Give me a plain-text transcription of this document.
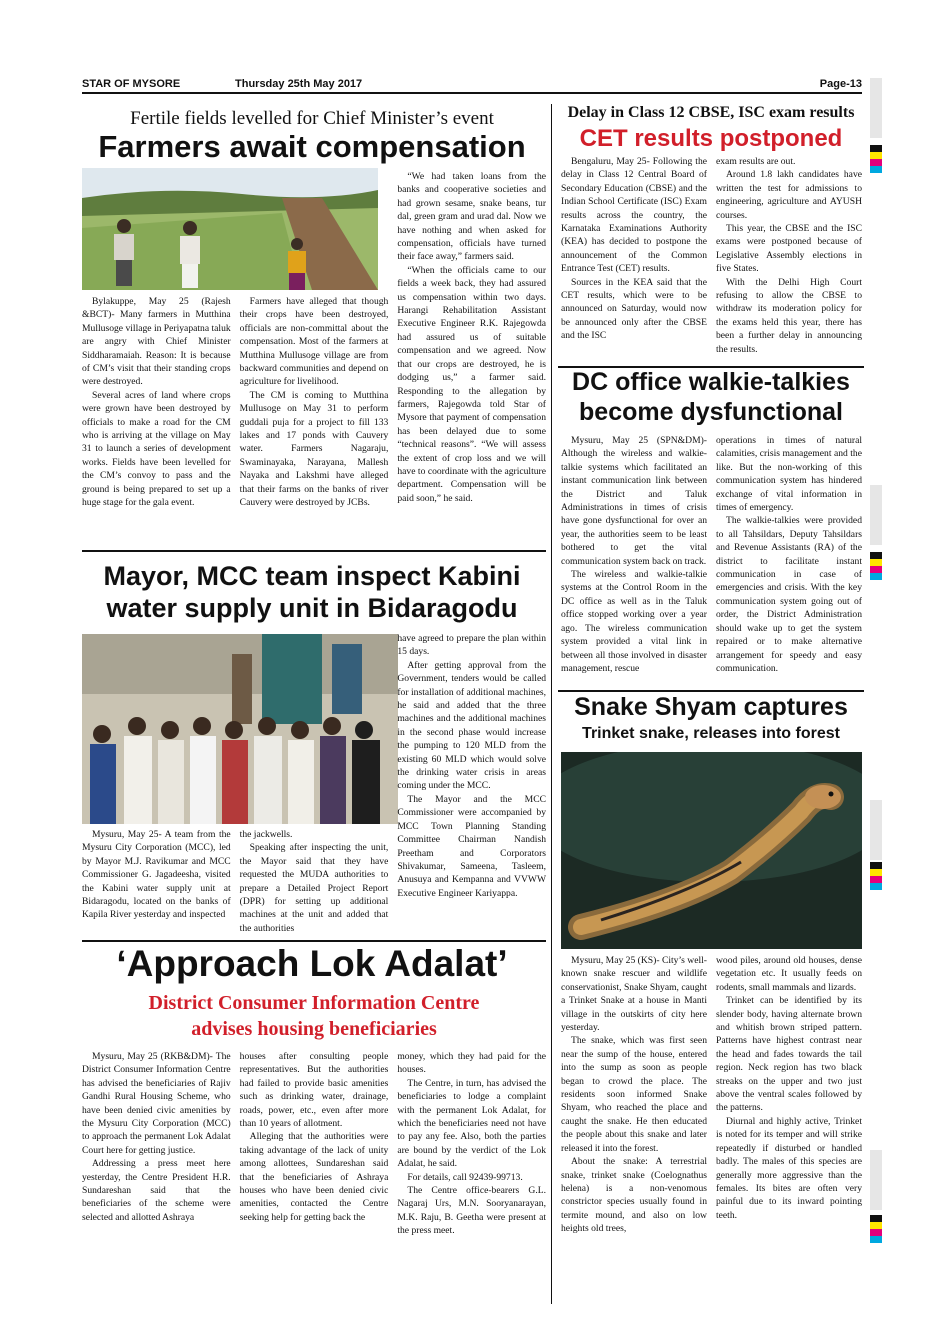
STAR OF MYSORE	Thursday 25th May 2017	Page-13
Fertile fields levelled for Chief Minister’s event
Farmers await compensation

Bylakuppe, May 25 (Rajesh &BCT)- Many farmers in Mutthina Mullusoge village in Periyapatna taluk are angry with Chief Minister Siddharamaiah. Reason: It is because of CM’s visit that their standing crops were destroyed.

Several acres of land where crops were grown have been destroyed by officials to make a road for the CM who is arriving at the village on May 31 to launch a series of development works. Fields have been levelled for the CM’s convoy to pass and the ground is being prepared to set up a huge stage for the gala event.

Farmers have alleged that though their crops have been destroyed, officials are non-committal about the compensation. Most of the farmers at Mutthina Mullusoge village are from backward communities and depend on agriculture for livelihood.

The CM is coming to Mutthina Mullusoge on May 31 to perform guddali puja for a project to fill 133 lakes and 17 ponds with Cauvery water. Farmers Nagaraju, Swaminayaka, Narayana, Mallesh Nayaka and Lakshmi have alleged that their farms on the banks of river Cauvery were destroyed by JCBs.

“We had taken loans from the banks and cooperative societies and had grown sesame, snake beans, tur dal, green gram and urad dal. Now we have nothing and when asked for compensation, officials have turned their face away,” farmers said.

“When the officials came to our fields a week back, they had assured us compensation within two days. Harangi Rehabilitation Assistant Executive Engineer R.K. Rajegowda had assured us of suitable compensation and we agreed. Now that our crops are destroyed, he is dodging us,” a farmer said. Responding to the allegation by farmers, Rajegowda told Star of Mysore that payment of compensation has been delayed due to some “technical reasons”. “We will assess the extent of crop loss and we will have to coordinate with the agriculture department. Compensation will be paid soon,” he said.

Mayor, MCC team inspect Kabini
water supply unit in Bidaragodu

Mysuru, May 25- A team from the Mysuru City Corporation (MCC), led by Mayor M.J. Ravikumar and MCC Commissioner G. Jagadeesha, visited the Kabini water supply unit at Bidaragodu, located on the banks of Kapila River yesterday and inspected

the jackwells.

Speaking after inspecting the unit, the Mayor said that they have requested the MUDA authorities to prepare a Detailed Project Report (DPR) for setting up additional machines at the unit and added that the authorities

have agreed to prepare the plan within 15 days.

After getting approval from the Government, tenders would be called for installation of additional machines, he said and added that the three machines and the additional machines in the second phase would increase the pumping to 120 MLD from the existing 60 MLD which would solve the drinking water crisis in areas coming under the MCC.

The Mayor and the MCC Commissioner were accompanied by MCC Town Planning Standing Committee Chairman Nandish Preetham and Corporators Shivakumar, Sameena, Tasleem, Anusuya and Kempanna and VVWW Executive Engineer Kariyappa.

‘Approach Lok Adalat’
District Consumer Information Centre
advises housing beneficiaries

Mysuru, May 25 (RKB&DM)- The District Consumer Information Centre has advised the beneficiaries of Rajiv Gandhi Rural Housing Scheme, who have been denied civic amenities by the Mysuru City Corporation (MCC) to approach the permanent Lok Adalat Court here for getting justice.

Addressing a press meet here yesterday, the Centre President H.R. Sundareshan said that the beneficiaries of the scheme were selected and allotted Ashraya

houses after consulting people representatives. But the authorities had failed to provide basic amenities such as drinking water, drainage, roads, power, etc., even after more than 10 years of allotment.

Alleging that the authorities were taking advantage of the lack of unity among allottees, Sundareshan said that the beneficiaries of Ashraya houses who have been denied civic amenities, contacted the Centre seeking help for getting back the

money, which they had paid for the houses.

The Centre, in turn, has advised the beneficiaries to lodge a complaint with the permanent Lok Adalat, for which the beneficiaries need not have to pay any fee. Also, both the parties are bound by the verdict of the Lok Adalat, he said.

For details, call 92439-99713.

The Centre office-bearers G.L. Nagaraj Urs, M.N. Sooryanarayan, M.K. Raju, B. Geetha were present at the press meet.

Delay in Class 12 CBSE, ISC exam results
CET results postponed

Bengaluru, May 25- Following the delay in Class 12 Central Board of Secondary Education (CBSE) and the Indian School Certificate (ISC) Exam results across the country, the Karnataka Examinations Authority (KEA) has decided to postpone the announcement of the Common Entrance Test (CET) results.

Sources in the KEA said that the CET results, which were to be announced on Saturday, would now be announced only after the CBSE and the ISC

exam results are out.

Around 1.8 lakh candidates have written the test for admissions to engineering, agriculture and AYUSH courses.

This year, the CBSE and the ISC exams were postponed because of Legislative Assembly elections in five States.

With the Delhi High Court refusing to allow the CBSE to withdraw its moderation policy for the exams held this year, there has been a further delay in announcing the results.

DC office walkie-talkies
become dysfunctional

Mysuru, May 25 (SPN&DM)- Although the wireless and walkie-talkie systems which facilitated an instant communication link between the District and Taluk Administrations in times of crisis have gone dysfunctional for over an year, the authorities seem to be least bothered to get the vital communication system back on track.

The wireless and walkie-talkie systems at the Control Room in the DC office as well as in the Taluk office stopped working over a year ago. The wireless communication system provided a vital link in between all those involved in disaster management, rescue

operations in times of natural calamities, crisis management and the like. But the non-working of this communication system has hindered exchange of vital information in times of emergency.

The walkie-talkies were provided to all Tahsildars, Deputy Tahsildars and Revenue Assistants (RA) of the district to facilitate instant communication in case of emergencies and crisis. With the key communication system going out of order, the District Administration should wake up to get the system repaired or to make alternative arrangement for speedy and easy communication.

Snake Shyam captures
Trinket snake, releases into forest

Mysuru, May 25 (KS)- City’s well-known snake rescuer and wildlife conservationist, Snake Shyam, caught a Trinket Snake at a house in Manti village in the outskirts of city here yesterday.

The snake, which was first seen near the sump of the house, entered into the sump as soon as people began to crowd the place. The residents soon informed Snake Shyam, who reached the place and caught the snake. He then educated the people about this snake and later released it into the forest.

About the snake: A terrestrial snake, trinket snake (Coelognathus helena) is a non-venomous constrictor species usually found in termite mound, and also on low heights old trees,

wood piles, around old houses, dense vegetation etc. It usually feeds on rodents, small mammals and lizards.

Trinket can be identified by its slender body, having alternate brown and whitish brown striped pattern. Patterns have highest contrast near the head and fades towards the tail region. Neck region has two black streaks on the upper and two just above the ventral scales followed by the patterns.

Diurnal and highly active, Trinket is noted for its temper and will strike repeatedly if disturbed or handled badly. The males of this species are generally more aggressive than the females. Its bites are often very painful due to its inward pointing teeth.
